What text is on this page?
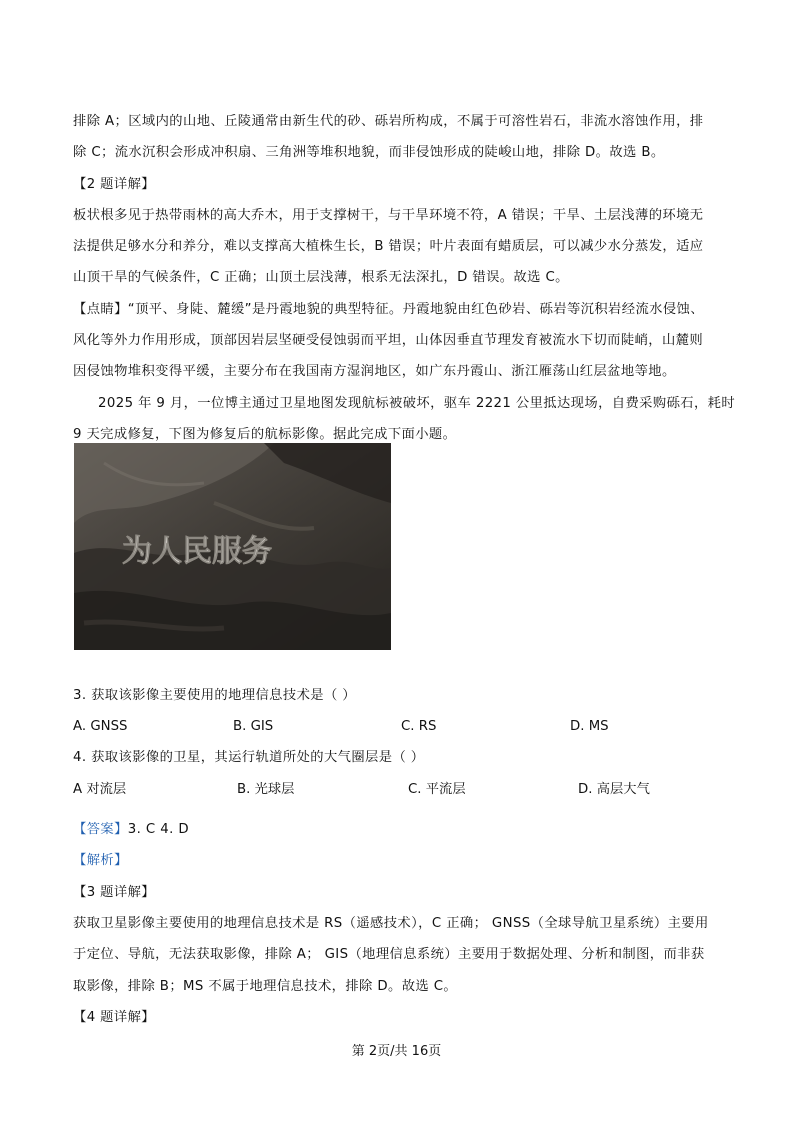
排除 A；区域内的山地、丘陵通常由新生代的砂、砾岩所构成，不属于可溶性岩石，非流水溶蚀作用，排
除 C；流水沉积会形成冲积扇、三角洲等堆积地貌，而非侵蚀形成的陡峻山地，排除 D。故选 B。
【2 题详解】
板状根多见于热带雨林的高大乔木，用于支撑树干，与干旱环境不符，A 错误；干旱、土层浅薄的环境无
法提供足够水分和养分，难以支撑高大植株生长，B 错误；叶片表面有蜡质层，可以减少水分蒸发，适应
山顶干旱的气候条件，C 正确；山顶土层浅薄，根系无法深扎，D 错误。故选 C。
【点睛】“顶平、身陡、麓缓”是丹霞地貌的典型特征。丹霞地貌由红色砂岩、砾岩等沉积岩经流水侵蚀、
风化等外力作用形成，顶部因岩层坚硬受侵蚀弱而平坦，山体因垂直节理发育被流水下切而陡峭，山麓则
因侵蚀物堆积变得平缓，主要分布在我国南方湿润地区，如广东丹霞山、浙江雁荡山红层盆地等地。
2025 年 9 月，一位博主通过卫星地图发现航标被破坏，驱车 2221 公里抵达现场，自费采购砾石，耗时
9 天完成修复，下图为修复后的航标影像。据此完成下面小题。
为人民服务
3. 获取该影像主要使用的地理信息技术是（ ）
A. GNSS	B. GIS	C. RS	D. MS
4. 获取该影像的卫星，其运行轨道所处的大气圈层是（ ）
A 对流层	B. 光球层	C. 平流层	D. 高层大气
【答案】3. C 4. D
【解析】
【3 题详解】
获取卫星影像主要使用的地理信息技术是 RS（遥感技术），C 正确； GNSS（全球导航卫星系统）主要用
于定位、导航，无法获取影像，排除 A； GIS（地理信息系统）主要用于数据处理、分析和制图，而非获
取影像，排除 B；MS 不属于地理信息技术，排除 D。故选 C。
【4 题详解】
第 2页/共 16页
